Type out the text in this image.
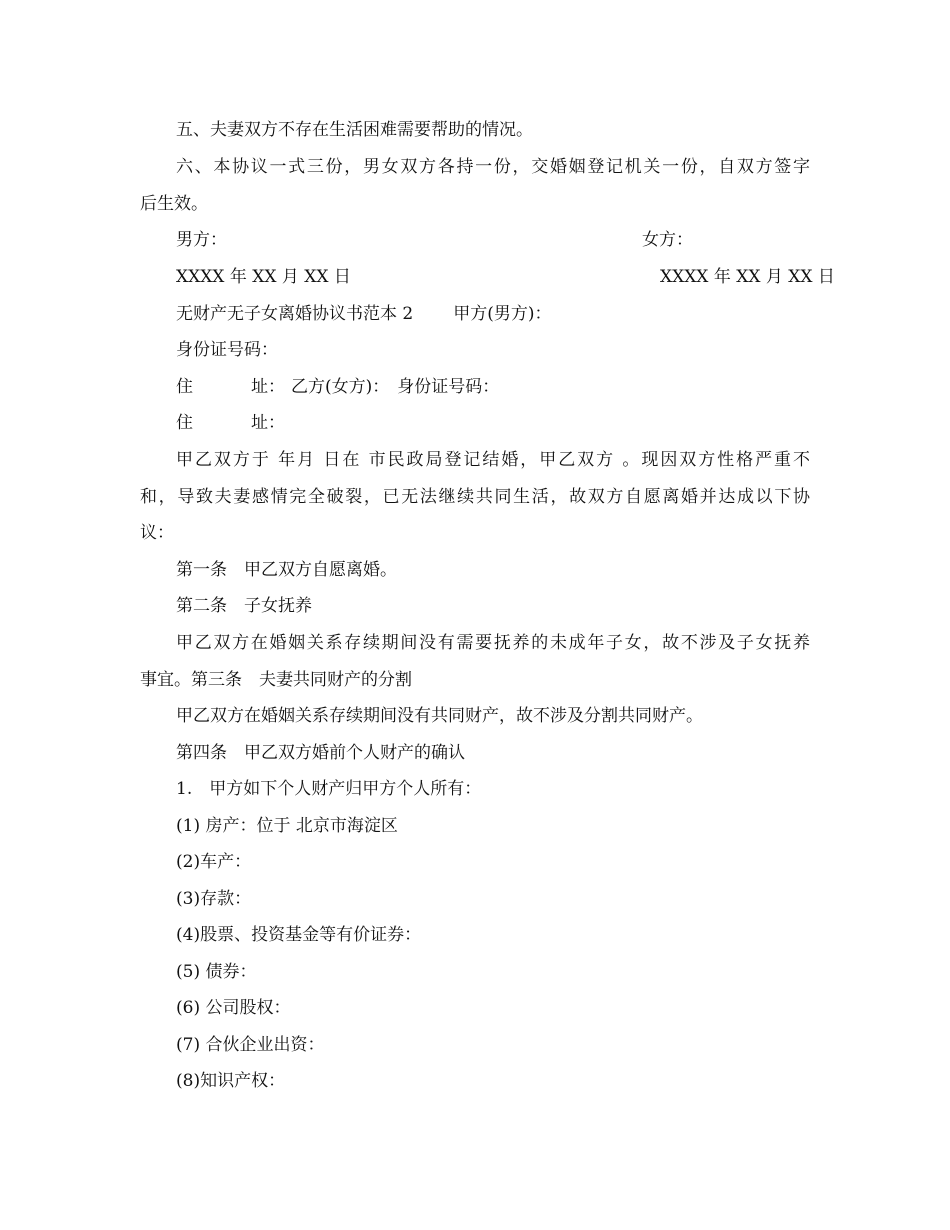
五、夫妻双方不存在生活困难需要帮助的情况。

六、本协议一式三份，男女双方各持一份，交婚姻登记机关一份，自双方签字

后生效。

男方：	女方：

XXXX 年 XX 月 XX 日	XXXX 年 XX 月 XX 日

无财产无子女离婚协议书范本 2 甲方(男方)：

身份证号码：

住	址： 乙方(女方)： 身份证号码：

住	址：

甲乙双方于 年月 日在 市民政局登记结婚，甲乙双方 。现因双方性格严重不

和，导致夫妻感情完全破裂，已无法继续共同生活，故双方自愿离婚并达成以下协

议：

第一条　甲乙双方自愿离婚。

第二条　子女抚养

甲乙双方在婚姻关系存续期间没有需要抚养的未成年子女，故不涉及子女抚养

事宜。第三条　夫妻共同财产的分割

甲乙双方在婚姻关系存续期间没有共同财产，故不涉及分割共同财产。

第四条　甲乙双方婚前个人财产的确认

1.　甲方如下个人财产归甲方个人所有：

(1) 房产：位于 北京市海淀区

(2)车产：

(3)存款：

(4)股票、投资基金等有价证券：

(5) 债券：

(6) 公司股权：

(7) 合伙企业出资：

(8)知识产权：
